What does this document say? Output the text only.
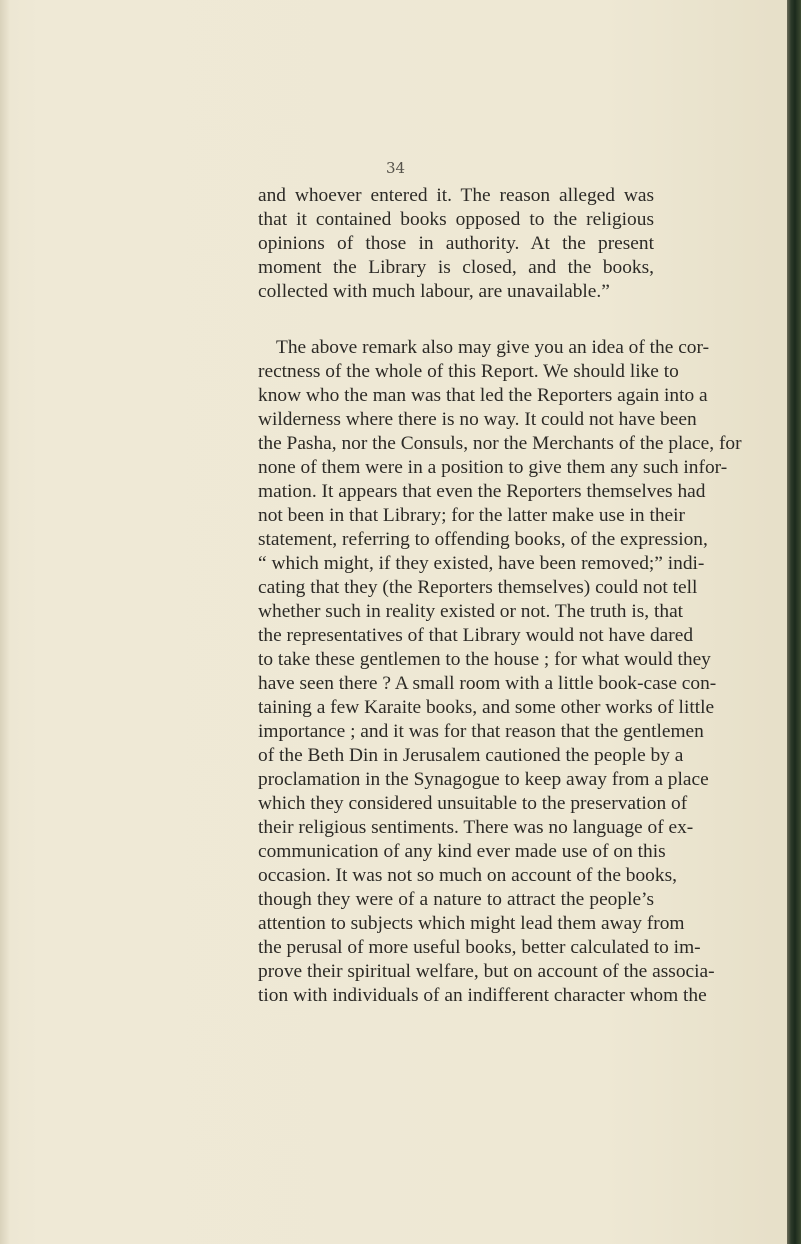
34
and whoever entered it. The reason alleged was
that it contained books opposed to the religious
opinions of those in authority. At the present
moment the Library is closed, and the books,
collected with much labour, are unavailable.”
The above remark also may give you an idea of the cor-
rectness of the whole of this Report. We should like to
know who the man was that led the Reporters again into a
wilderness where there is no way. It could not have been
the Pasha, nor the Consuls, nor the Merchants of the place, for
none of them were in a position to give them any such infor-
mation. It appears that even the Reporters themselves had
not been in that Library; for the latter make use in their
statement, referring to offending books, of the expression,
“ which might, if they existed, have been removed;” indi-
cating that they (the Reporters themselves) could not tell
whether such in reality existed or not. The truth is, that
the representatives of that Library would not have dared
to take these gentlemen to the house ; for what would they
have seen there ? A small room with a little book-case con-
taining a few Karaite books, and some other works of little
importance ; and it was for that reason that the gentlemen
of the Beth Din in Jerusalem cautioned the people by a
proclamation in the Synagogue to keep away from a place
which they considered unsuitable to the preservation of
their religious sentiments. There was no language of ex-
communication of any kind ever made use of on this
occasion. It was not so much on account of the books,
though they were of a nature to attract the people’s
attention to subjects which might lead them away from
the perusal of more useful books, better calculated to im-
prove their spiritual welfare, but on account of the associa-
tion with individuals of an indifferent character whom the
